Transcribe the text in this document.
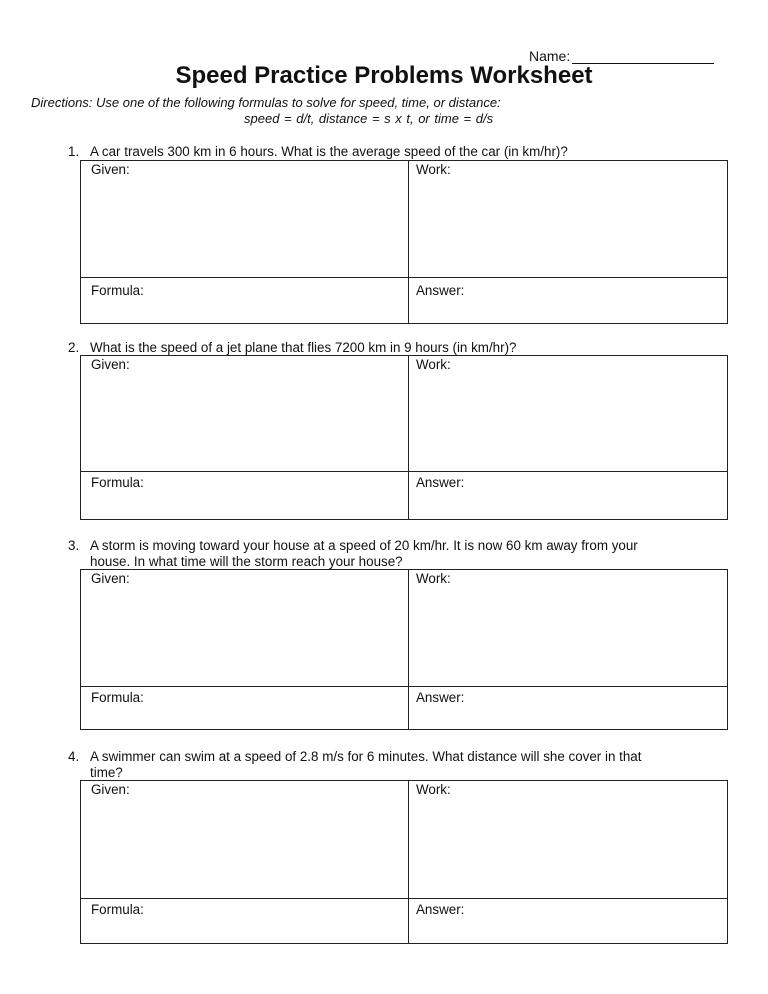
Name:
Speed Practice Problems Worksheet
Directions: Use one of the following formulas to solve for speed, time, or distance:
speed = d/t, distance = s x t, or time = d/s
1. A car travels 300 km in 6 hours. What is the average speed of the car (in km/hr)?
Given:	Work:
Formula:	Answer:
2. What is the speed of a jet plane that flies 7200 km in 9 hours (in km/hr)?
Given:	Work:
Formula:	Answer:
3. A storm is moving toward your house at a speed of 20 km/hr. It is now 60 km away from your
house. In what time will the storm reach your house?
Given:	Work:
Formula:	Answer:
4. A swimmer can swim at a speed of 2.8 m/s for 6 minutes. What distance will she cover in that
time?
Given:	Work:
Formula:	Answer:
